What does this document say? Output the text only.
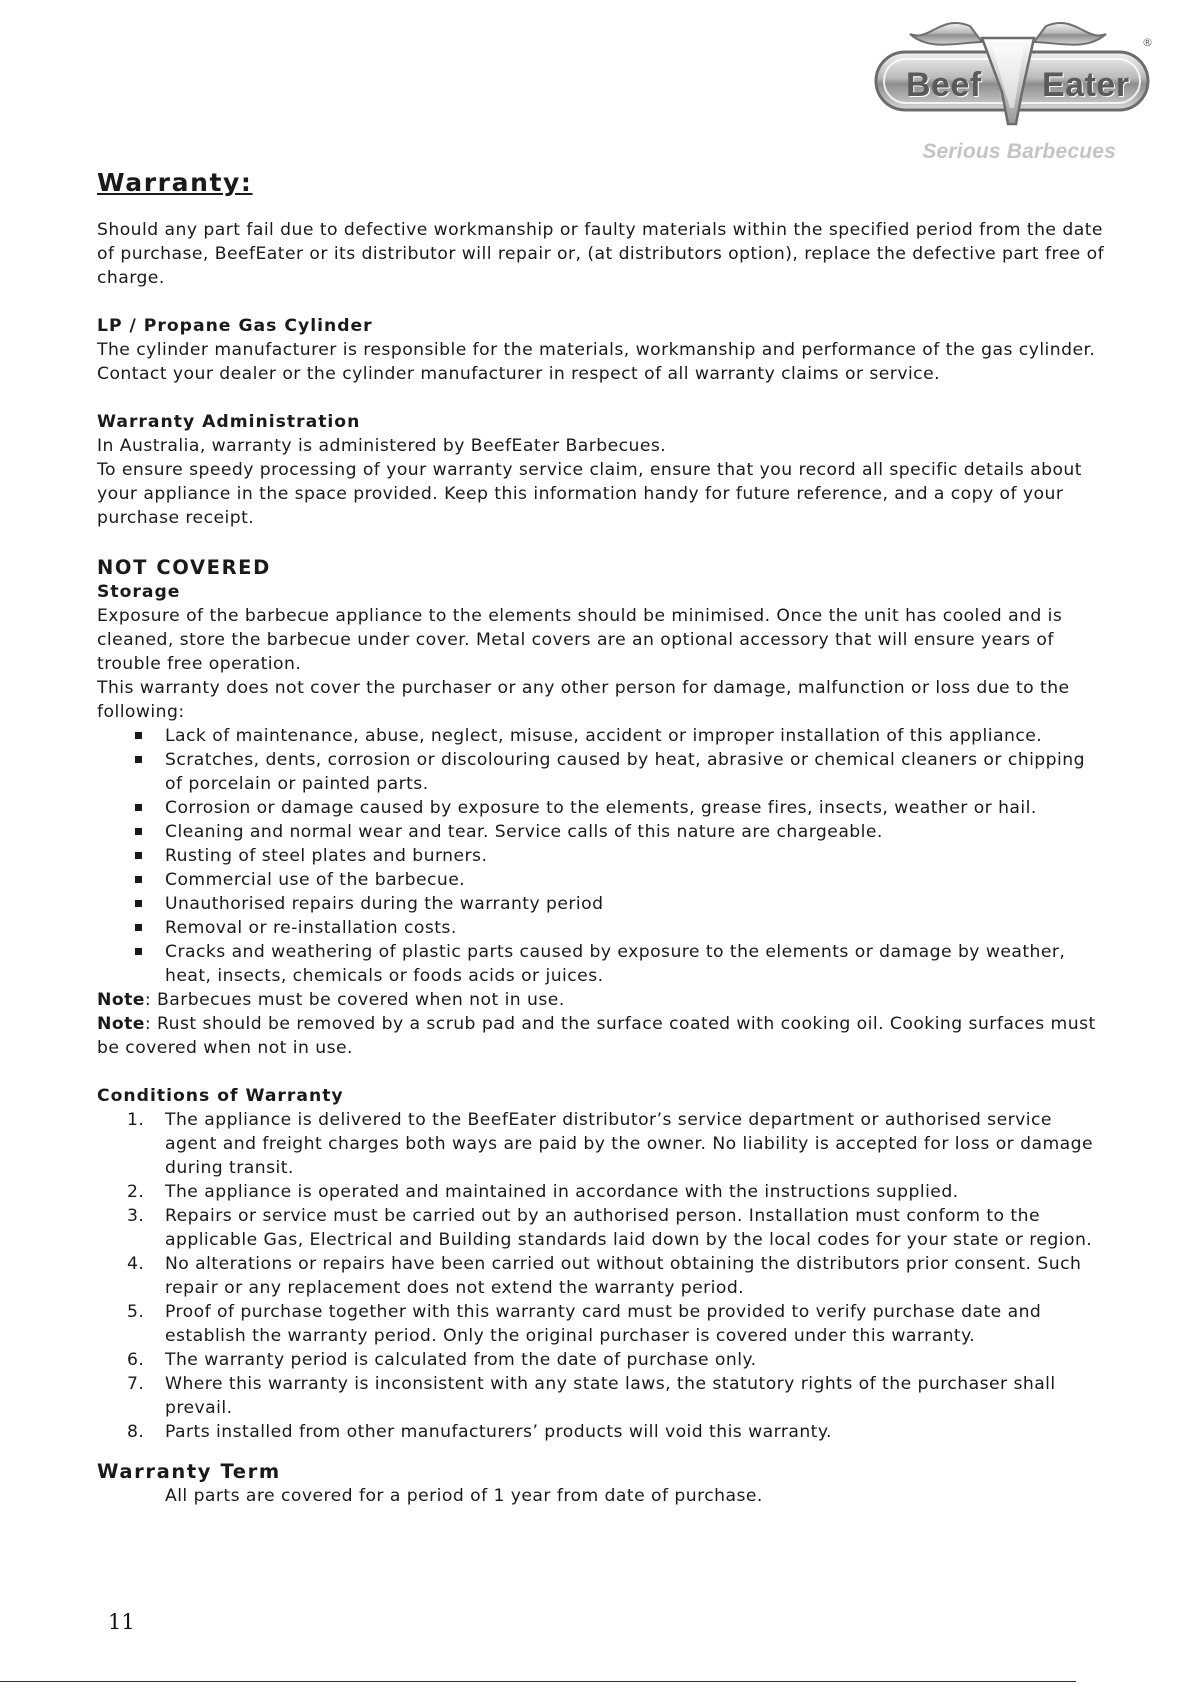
Beef Eater
®
Serious Barbecues
Warranty:

Should any part fail due to defective workmanship or faulty materials within the specified period from the date of purchase, BeefEater or its distributor will repair or, (at distributors option), replace the defective part free of charge.

LP / Propane Gas Cylinder

The cylinder manufacturer is responsible for the materials, workmanship and performance of the gas cylinder. Contact your dealer or the cylinder manufacturer in respect of all warranty claims or service.

Warranty Administration

In Australia, warranty is administered by BeefEater Barbecues.

To ensure speedy processing of your warranty service claim, ensure that you record all specific details about your appliance in the space provided. Keep this information handy for future reference, and a copy of your purchase receipt.

NOT COVERED

Storage

Exposure of the barbecue appliance to the elements should be minimised. Once the unit has cooled and is cleaned, store the barbecue under cover. Metal covers are an optional accessory that will ensure years of trouble free operation.

This warranty does not cover the purchaser or any other person for damage, malfunction or loss due to the following:

Lack of maintenance, abuse, neglect, misuse, accident or improper installation of this appliance.
Scratches, dents, corrosion or discolouring caused by heat, abrasive or chemical cleaners or chipping of porcelain or painted parts.
Corrosion or damage caused by exposure to the elements, grease fires, insects, weather or hail.
Cleaning and normal wear and tear. Service calls of this nature are chargeable.
Rusting of steel plates and burners.
Commercial use of the barbecue.
Unauthorised repairs during the warranty period
Removal or re-installation costs.
Cracks and weathering of plastic parts caused by exposure to the elements or damage by weather, heat, insects, chemicals or foods acids or juices.

Note: Barbecues must be covered when not in use.

Note: Rust should be removed by a scrub pad and the surface coated with cooking oil. Cooking surfaces must be covered when not in use.

Conditions of Warranty

1. The appliance is delivered to the BeefEater distributor’s service department or authorised service agent and freight charges both ways are paid by the owner. No liability is accepted for loss or damage during transit.
2. The appliance is operated and maintained in accordance with the instructions supplied.
3. Repairs or service must be carried out by an authorised person. Installation must conform to the applicable Gas, Electrical and Building standards laid down by the local codes for your state or region.
4. No alterations or repairs have been carried out without obtaining the distributors prior consent. Such repair or any replacement does not extend the warranty period.
5. Proof of purchase together with this warranty card must be provided to verify purchase date and establish the warranty period. Only the original purchaser is covered under this warranty.
6. The warranty period is calculated from the date of purchase only.
7. Where this warranty is inconsistent with any state laws, the statutory rights of the purchaser shall prevail.
8. Parts installed from other manufacturers’ products will void this warranty.

Warranty Term

All parts are covered for a period of 1 year from date of purchase.

11
